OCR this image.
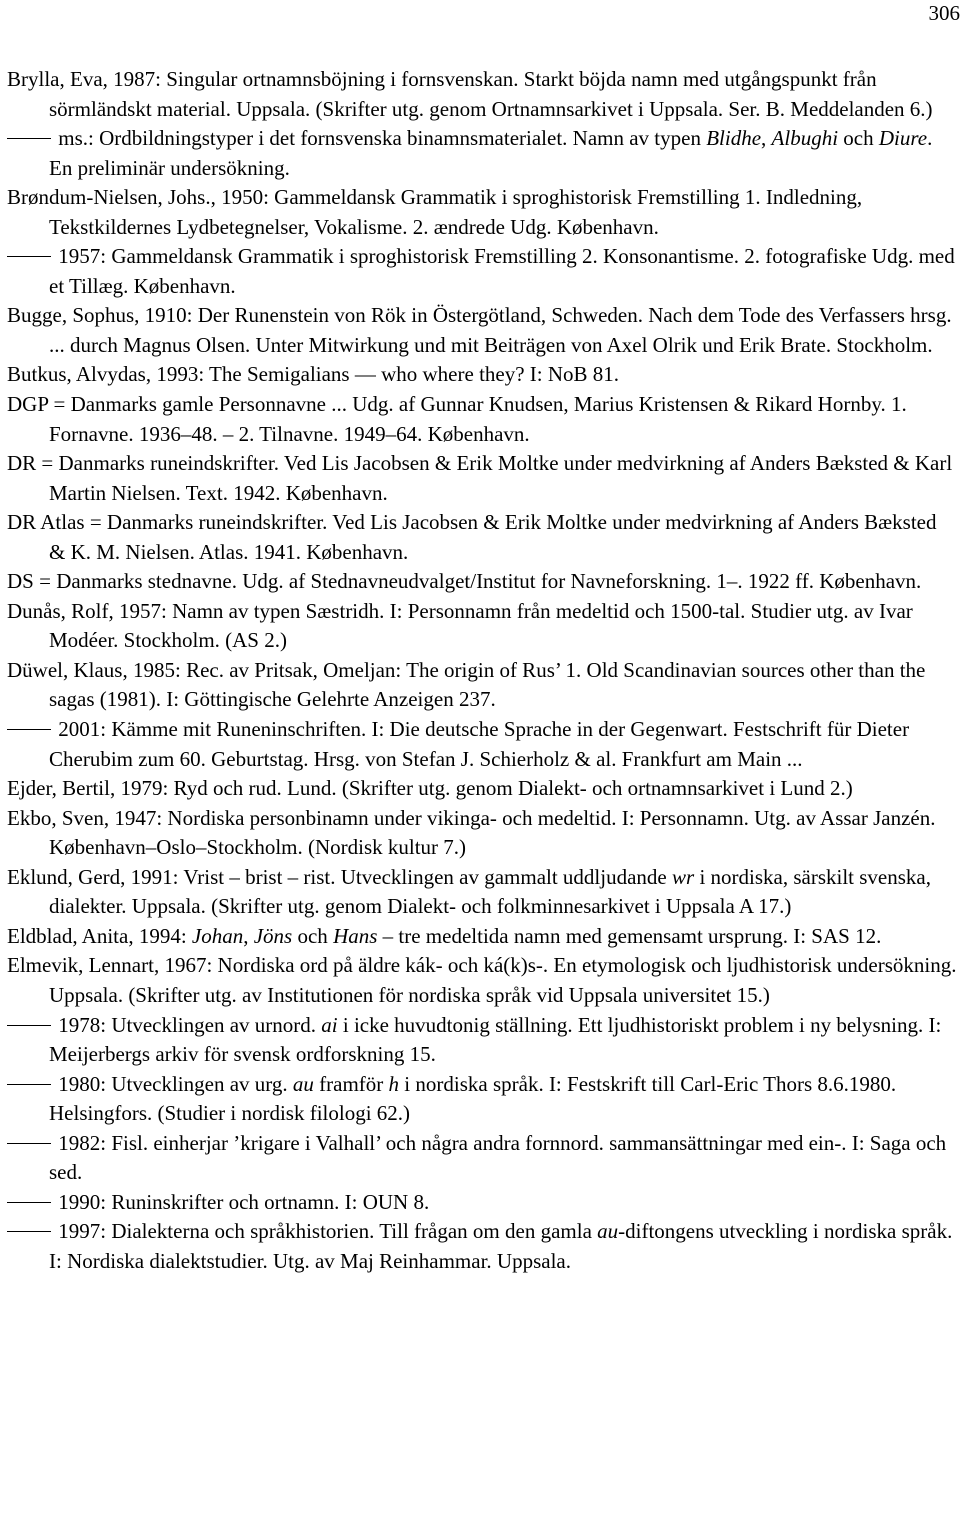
306

Brylla, Eva, 1987: Singular ortnamnsböjning i fornsvenskan. Starkt böjda namn med utgångspunkt från sörmländskt material. Uppsala. (Skrifter utg. genom Ortnamnsarkivet i Uppsala. Ser. B. Meddelanden 6.)

ms.: Ordbildningstyper i det fornsvenska binamnsmaterialet. Namn av typen Blidhe, Albughi och Diure. En preliminär undersökning.

Brøndum-Nielsen, Johs., 1950: Gammeldansk Grammatik i sproghistorisk Fremstilling 1. Indledning, Tekstkildernes Lydbetegnelser, Vokalisme. 2. ændrede Udg. København.

1957: Gammeldansk Grammatik i sproghistorisk Fremstilling 2. Konsonantisme. 2. fotografiske Udg. med et Tillæg. København.

Bugge, Sophus, 1910: Der Runenstein von Rök in Östergötland, Schweden. Nach dem Tode des Verfassers hrsg. ... durch Magnus Olsen. Unter Mitwirkung und mit Beiträgen von Axel Olrik und Erik Brate. Stockholm.

Butkus, Alvydas, 1993: The Semigalians — who where they? I: NoB 81.

DGP = Danmarks gamle Personnavne ... Udg. af Gunnar Knudsen, Marius Kristensen & Rikard Hornby. 1. Fornavne. 1936–48. – 2. Tilnavne. 1949–64. København.

DR = Danmarks runeindskrifter. Ved Lis Jacobsen & Erik Moltke under medvirkning af Anders Bæksted & Karl Martin Nielsen. Text. 1942. København.

DR Atlas = Danmarks runeindskrifter. Ved Lis Jacobsen & Erik Moltke under medvirkning af Anders Bæksted & K. M. Nielsen. Atlas. 1941. København.

DS = Danmarks stednavne. Udg. af Stednavneudvalget/Institut for Navneforskning. 1–. 1922 ff. København.

Dunås, Rolf, 1957: Namn av typen Sæstridh. I: Personnamn från medeltid och 1500-tal. Studier utg. av Ivar Modéer. Stockholm. (AS 2.)

Düwel, Klaus, 1985: Rec. av Pritsak, Omeljan: The origin of Rus’ 1. Old Scandinavian sources other than the sagas (1981). I: Göttingische Gelehrte Anzeigen 237.

2001: Kämme mit Runeninschriften. I: Die deutsche Sprache in der Gegenwart. Festschrift für Dieter Cherubim zum 60. Geburtstag. Hrsg. von Stefan J. Schierholz & al. Frankfurt am Main ...

Ejder, Bertil, 1979: Ryd och rud. Lund. (Skrifter utg. genom Dialekt- och ortnamnsarkivet i Lund 2.)

Ekbo, Sven, 1947: Nordiska personbinamn under vikinga- och medeltid. I: Personnamn. Utg. av Assar Janzén. København–Oslo–Stockholm. (Nordisk kultur 7.)

Eklund, Gerd, 1991: Vrist – brist – rist. Utvecklingen av gammalt uddljudande wr i nordiska, särskilt svenska, dialekter. Uppsala. (Skrifter utg. genom Dialekt- och folkminnesarkivet i Uppsala A 17.)

Eldblad, Anita, 1994: Johan, Jöns och Hans – tre medeltida namn med gemensamt ursprung. I: SAS 12.

Elmevik, Lennart, 1967: Nordiska ord på äldre kák- och ká(k)s-. En etymologisk och ljudhistorisk undersökning. Uppsala. (Skrifter utg. av Institutionen för nordiska språk vid Uppsala universitet 15.)

1978: Utvecklingen av urnord. ai i icke huvudtonig ställning. Ett ljudhistoriskt problem i ny belysning. I: Meijerbergs arkiv för svensk ordforskning 15.

1980: Utvecklingen av urg. au framför h i nordiska språk. I: Festskrift till Carl-Eric Thors 8.6.1980. Helsingfors. (Studier i nordisk filologi 62.)

1982: Fisl. einherjar ’krigare i Valhall’ och några andra fornnord. sammansättningar med ein-. I: Saga och sed.

1990: Runinskrifter och ortnamn. I: OUN 8.

1997: Dialekterna och språkhistorien. Till frågan om den gamla au-diftongens utveckling i nordiska språk. I: Nordiska dialektstudier. Utg. av Maj Reinhammar. Uppsala.
